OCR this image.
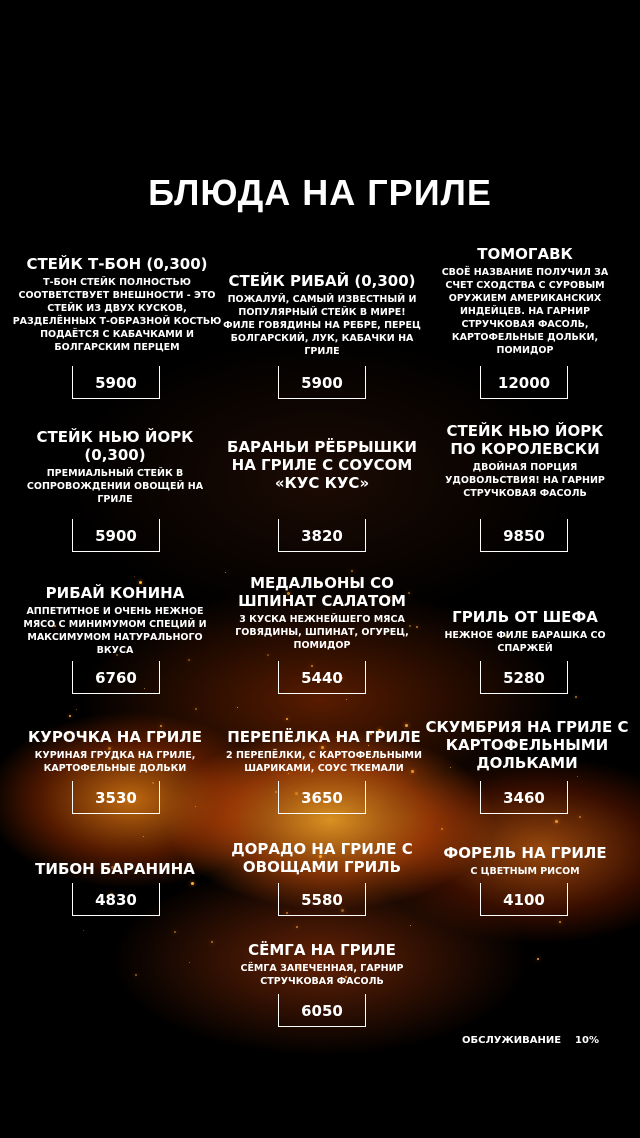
БЛЮДА НА ГРИЛЕ
СТЕЙК Т-БОН (0,300)
Т-БОН СТЕЙК ПОЛНОСТЬЮ СООТВЕТСТВУЕТ ВНЕШНОСТИ - ЭТО СТЕЙК ИЗ ДВУХ КУСКОВ, РАЗДЕЛЁННЫХ Т-ОБРАЗНОЙ КОСТЬЮ ПОДАЁТСЯ С КАБАЧКАМИ И БОЛГАРСКИМ ПЕРЦЕМ
5900
СТЕЙК РИБАЙ (0,300)
ПОЖАЛУЙ, САМЫЙ ИЗВЕСТНЫЙ И ПОПУЛЯРНЫЙ СТЕЙК В МИРЕ! ФИЛЕ ГОВЯДИНЫ НА РЕБРЕ, ПЕРЕЦ БОЛГАРСКИЙ, ЛУК, КАБАЧКИ НА ГРИЛЕ
5900
ТОМОГАВК
СВОЁ НАЗВАНИЕ ПОЛУЧИЛ ЗА СЧЕТ СХОДСТВА С СУРОВЫМ ОРУЖИЕМ АМЕРИКАНСКИХ ИНДЕЙЦЕВ. НА ГАРНИР СТРУЧКОВАЯ ФАСОЛЬ, КАРТОФЕЛЬНЫЕ ДОЛЬКИ, ПОМИДОР
12000
СТЕЙК НЬЮ ЙОРК (0,300)
ПРЕМИАЛЬНЫЙ СТЕЙК В СОПРОВОЖДЕНИИ ОВОЩЕЙ НА ГРИЛЕ
5900
БАРАНЬИ РЁБРЫШКИ НА ГРИЛЕ С СОУСОМ «КУС КУС»
3820
СТЕЙК НЬЮ ЙОРК ПО КОРОЛЕВСКИ
ДВОЙНАЯ ПОРЦИЯ УДОВОЛЬСТВИЯ! НА ГАРНИР СТРУЧКОВАЯ ФАСОЛЬ
9850
РИБАЙ КОНИНА
АППЕТИТНОЕ И ОЧЕНЬ НЕЖНОЕ МЯСО С МИНИМУМОМ СПЕЦИЙ И МАКСИМУМОМ НАТУРАЛЬНОГО ВКУСА
6760
МЕДАЛЬОНЫ СО ШПИНАТ САЛАТОМ
3 КУСКА НЕЖНЕЙШЕГО МЯСА ГОВЯДИНЫ, ШПИНАТ, ОГУРЕЦ, ПОМИДОР
5440
ГРИЛЬ ОТ ШЕФА
НЕЖНОЕ ФИЛЕ БАРАШКА СО СПАРЖЕЙ
5280
КУРОЧКА НА ГРИЛЕ
КУРИНАЯ ГРУДКА НА ГРИЛЕ, КАРТОФЕЛЬНЫЕ ДОЛЬКИ
3530
ПЕРЕПЁЛКА НА ГРИЛЕ
2 ПЕРЕПЁЛКИ, С КАРТОФЕЛЬНЫМИ ШАРИКАМИ, СОУС ТКЕМАЛИ
3650
СКУМБРИЯ НА ГРИЛЕ С КАРТОФЕЛЬНЫМИ ДОЛЬКАМИ
3460
ТИБОН БАРАНИНА
4830
ДОРАДО НА ГРИЛЕ С ОВОЩАМИ ГРИЛЬ
5580
ФОРЕЛЬ НА ГРИЛЕ
С ЦВЕТНЫМ РИСОМ
4100
СЁМГА НА ГРИЛЕ
СЁМГА ЗАПЕЧЕННАЯ, ГАРНИР СТРУЧКОВАЯ ФАСОЛЬ
6050
ОБСЛУЖИВАНИЕ 10%
